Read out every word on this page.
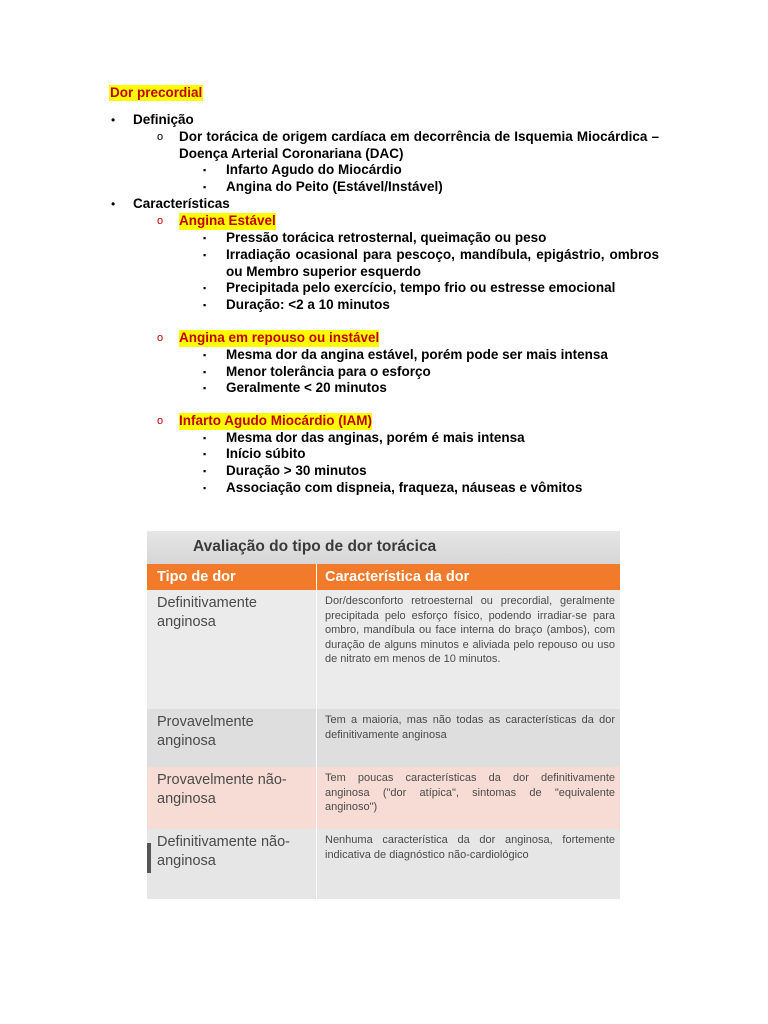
Dor precordial
• Definição
o Dor torácica de origem cardíaca em decorrência de Isquemia Miocárdica – Doença Arterial Coronariana (DAC)
▪ Infarto Agudo do Miocárdio
▪ Angina do Peito (Estável/Instável)
• Características
o Angina Estável
▪ Pressão torácica retrosternal, queimação ou peso
▪ Irradiação ocasional para pescoço, mandíbula, epigástrio, ombros ou Membro superior esquerdo
▪ Precipitada pelo exercício, tempo frio ou estresse emocional
▪ Duração: <2 a 10 minutos
o Angina em repouso ou instável
▪ Mesma dor da angina estável, porém pode ser mais intensa
▪ Menor tolerância para o esforço
▪ Geralmente < 20 minutos
o Infarto Agudo Miocárdio (IAM)
▪ Mesma dor das anginas, porém é mais intensa
▪ Início súbito
▪ Duração > 30 minutos
▪ Associação com dispneia, fraqueza, náuseas e vômitos
Avaliação do tipo de dor torácica
Tipo de dor	Característica da dor
Definitivamente anginosa
Dor/desconforto retroesternal ou precordial, geralmente precipitada pelo esforço físico, podendo irradiar-se para ombro, mandíbula ou face interna do braço (ambos), com duração de alguns minutos e aliviada pelo repouso ou uso de nitrato em menos de 10 minutos.
Provavelmente anginosa
Tem a maioria, mas não todas as características da dor definitivamente anginosa
Provavelmente não-anginosa
Tem poucas características da dor definitivamente anginosa ("dor atípica", sintomas de "equivalente anginoso")
Definitivamente não-anginosa
Nenhuma característica da dor anginosa, fortemente indicativa de diagnóstico não-cardiológico
